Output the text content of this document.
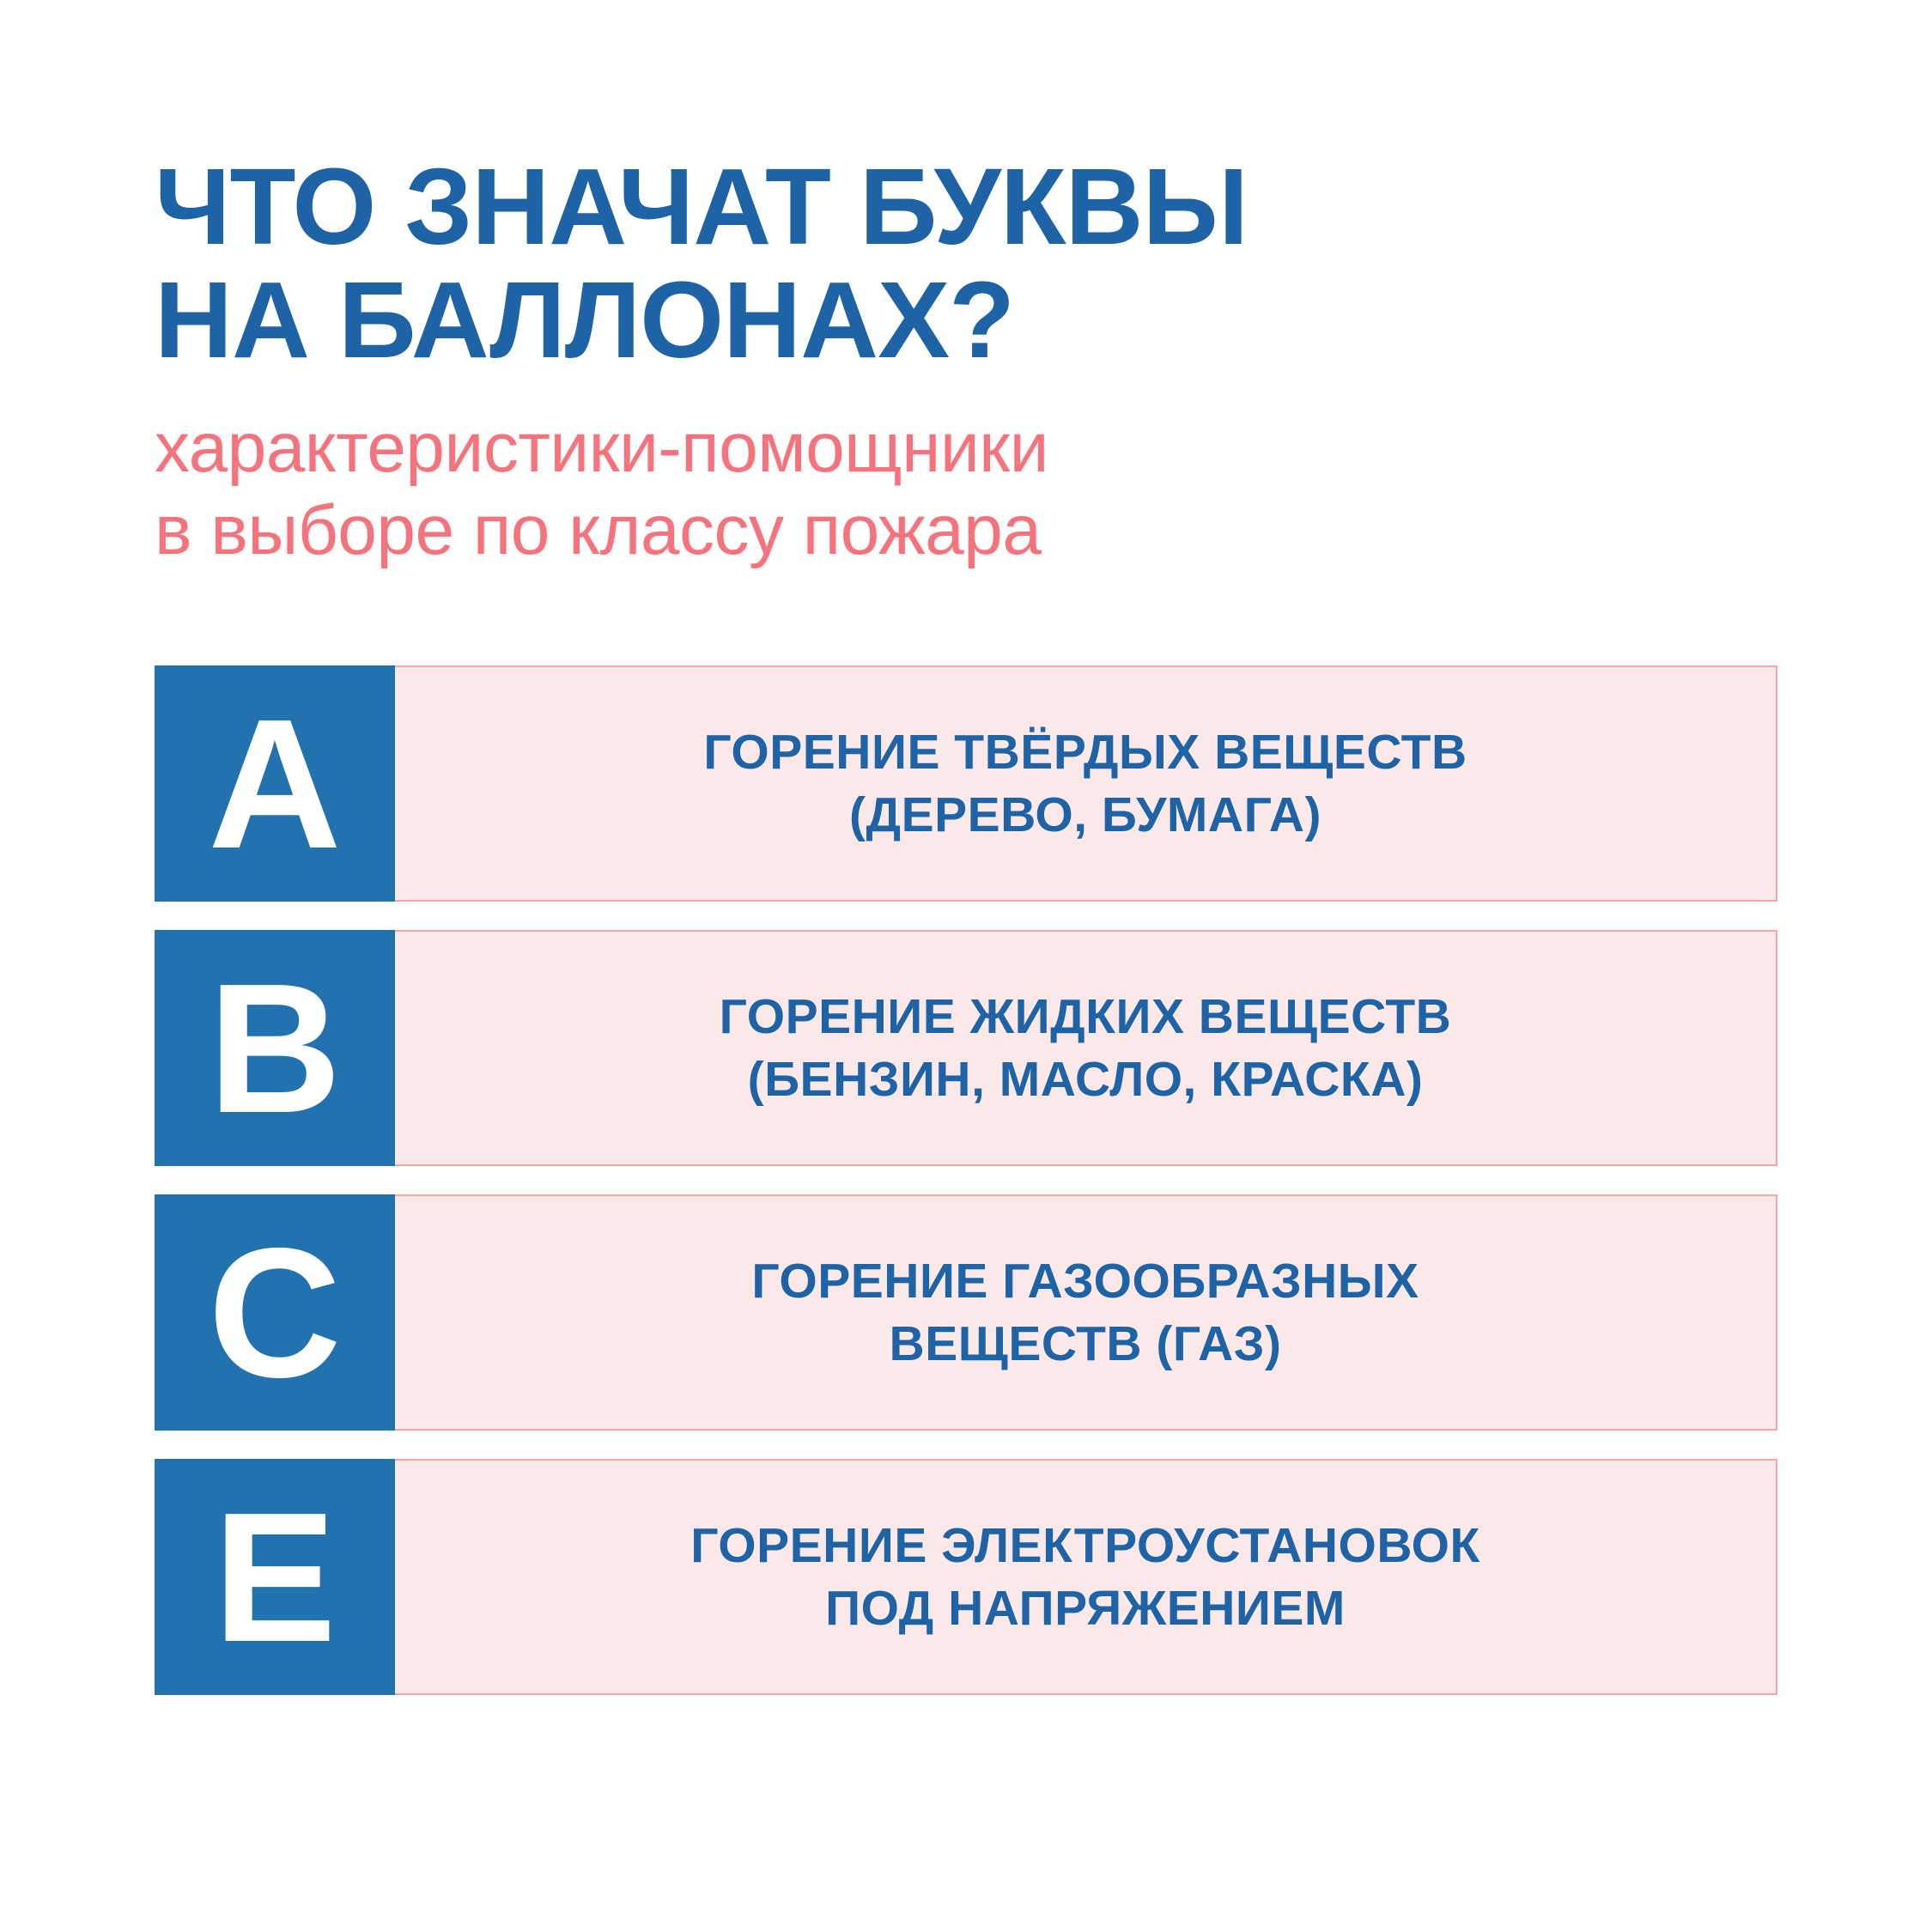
ЧТО ЗНАЧАТ БУКВЫ
НА БАЛЛОНАХ?
характеристики-помощники
в выборе по классу пожара
A	ГОРЕНИЕ ТВЁРДЫХ ВЕЩЕСТВ
(ДЕРЕВО, БУМАГА)
B	ГОРЕНИЕ ЖИДКИХ ВЕЩЕСТВ
(БЕНЗИН, МАСЛО, КРАСКА)
C	ГОРЕНИЕ ГАЗООБРАЗНЫХ
ВЕЩЕСТВ (ГАЗ)
E	ГОРЕНИЕ ЭЛЕКТРОУСТАНОВОК
ПОД НАПРЯЖЕНИЕМ
